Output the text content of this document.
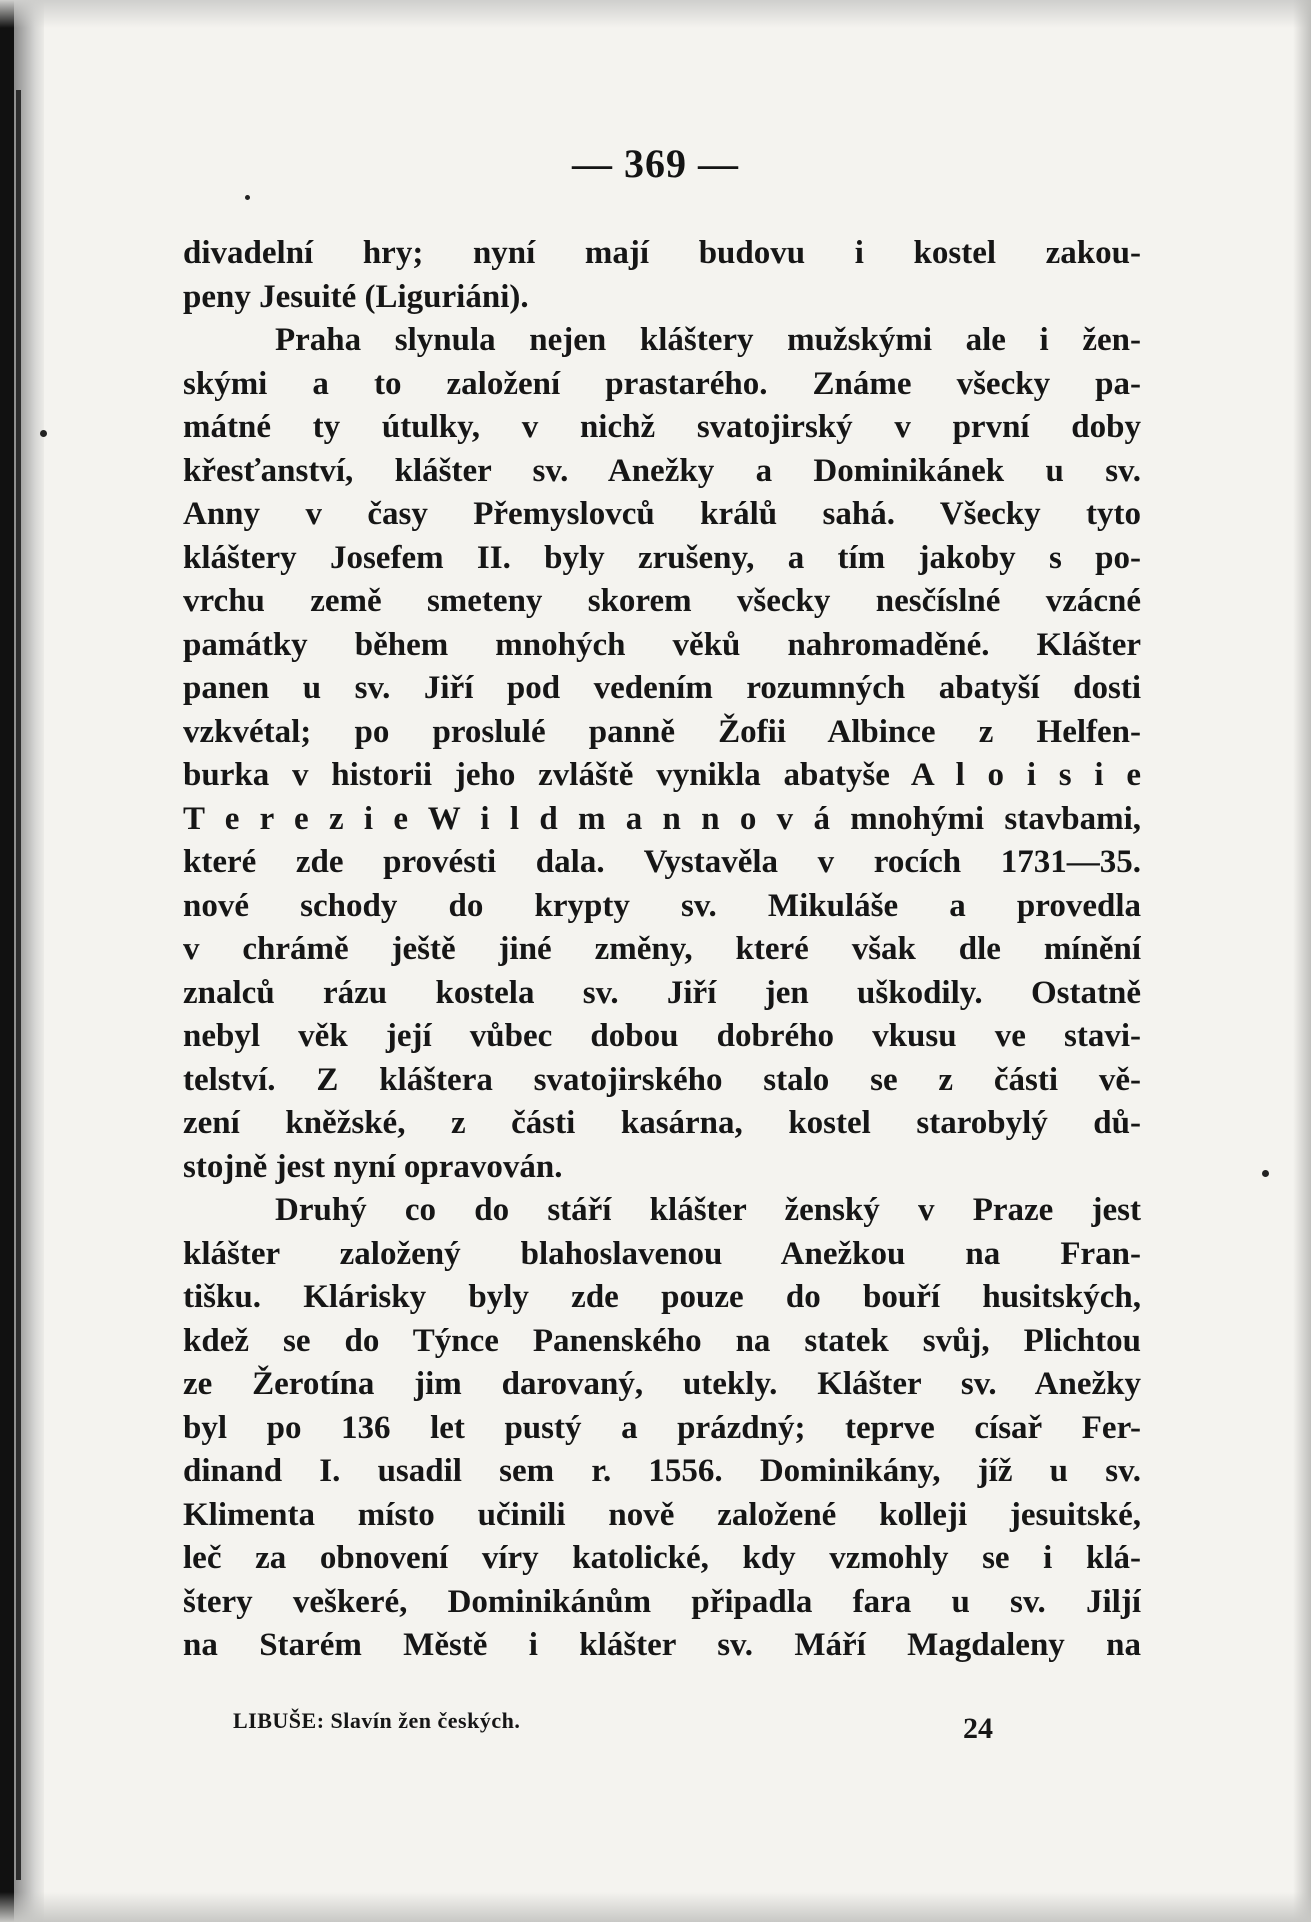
— 369 —
divadelní hry; nyní mají budovu i kostel zakou-
peny Jesuité (Liguriáni).
Praha slynula nejen kláštery mužskými ale i žen-
skými a to založení prastarého. Známe všecky pa-
mátné ty útulky, v nichž svatojirský v první doby
křesťanství, klášter sv. Anežky a Dominikánek u sv.
Anny v časy Přemyslovců králů sahá. Všecky tyto
kláštery Josefem II. byly zrušeny, a tím jakoby s po-
vrchu země smeteny skorem všecky nesčíslné vzácné
památky během mnohých věků nahromaděné. Klášter
panen u sv. Jiří pod vedením rozumných abatyší dosti
vzkvétal; po proslulé panně Žofii Albince z Helfen-
burka v historii jeho zvláště vynikla abatyše A l o i s i e
T e r e z i e W i l d m a n n o v á mnohými stavbami,
které zde provésti dala. Vystavěla v rocích 1731—35.
nové schody do krypty sv. Mikuláše a provedla
v chrámě ještě jiné změny, které však dle mínění
znalců rázu kostela sv. Jiří jen uškodily. Ostatně
nebyl věk její vůbec dobou dobrého vkusu ve stavi-
telství. Z kláštera svatojirského stalo se z části vě-
zení kněžské, z části kasárna, kostel starobylý dů-
stojně jest nyní opravován.
Druhý co do stáří klášter ženský v Praze jest
klášter založený blahoslavenou Anežkou na Fran-
tišku. Klárisky byly zde pouze do bouří husitských,
kdež se do Týnce Panenského na statek svůj, Plichtou
ze Žerotína jim darovaný, utekly. Klášter sv. Anežky
byl po 136 let pustý a prázdný; teprve císař Fer-
dinand I. usadil sem r. 1556. Dominikány, jíž u sv.
Klimenta místo učinili nově založené kolleji jesuitské,
leč za obnovení víry katolické, kdy vzmohly se i klá-
štery veškeré, Dominikánům připadla fara u sv. Jiljí
na Starém Městě i klášter sv. Máří Magdaleny na
LIBUŠE: Slavín žen českých.	24
